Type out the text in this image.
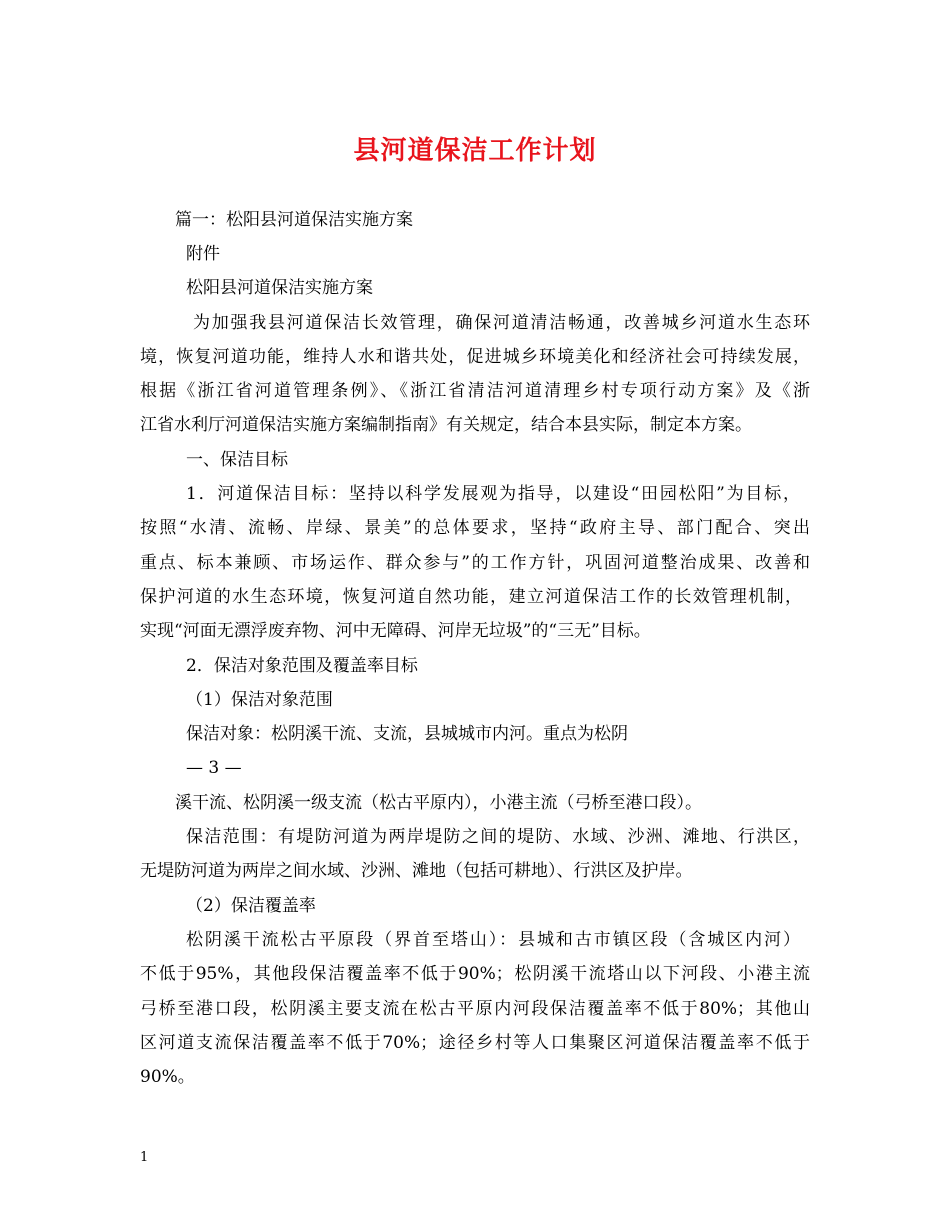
县河道保洁工作计划
篇一：松阳县河道保洁实施方案
附件
松阳县河道保洁实施方案
为加强我县河道保洁长效管理，确保河道清洁畅通，改善城乡河道水生态环
境，恢复河道功能，维持人水和谐共处，促进城乡环境美化和经济社会可持续发展，
根据《浙江省河道管理条例》、《浙江省清洁河道清理乡村专项行动方案》及《浙
江省水利厅河道保洁实施方案编制指南》有关规定，结合本县实际，制定本方案。
一、保洁目标
1．河道保洁目标：坚持以科学发展观为指导，以建设“田园松阳”为目标，
按照“水清、流畅、岸绿、景美”的总体要求，坚持“政府主导、部门配合、突出
重点、标本兼顾、市场运作、群众参与”的工作方针，巩固河道整治成果、改善和
保护河道的水生态环境，恢复河道自然功能，建立河道保洁工作的长效管理机制，
实现“河面无漂浮废弃物、河中无障碍、河岸无垃圾”的“三无”目标。
2．保洁对象范围及覆盖率目标
（1）保洁对象范围
保洁对象：松阴溪干流、支流，县城城市内河。重点为松阴
— 3 —
溪干流、松阴溪一级支流（松古平原内），小港主流（弓桥至港口段）。
保洁范围：有堤防河道为两岸堤防之间的堤防、水域、沙洲、滩地、行洪区，
无堤防河道为两岸之间水域、沙洲、滩地（包括可耕地）、行洪区及护岸。
（2）保洁覆盖率
松阴溪干流松古平原段（界首至塔山）：县城和古市镇区段（含城区内河）
不低于95%，其他段保洁覆盖率不低于90%；松阴溪干流塔山以下河段、小港主流
弓桥至港口段，松阴溪主要支流在松古平原内河段保洁覆盖率不低于80%；其他山
区河道支流保洁覆盖率不低于70%；途径乡村等人口集聚区河道保洁覆盖率不低于
90%。
1
